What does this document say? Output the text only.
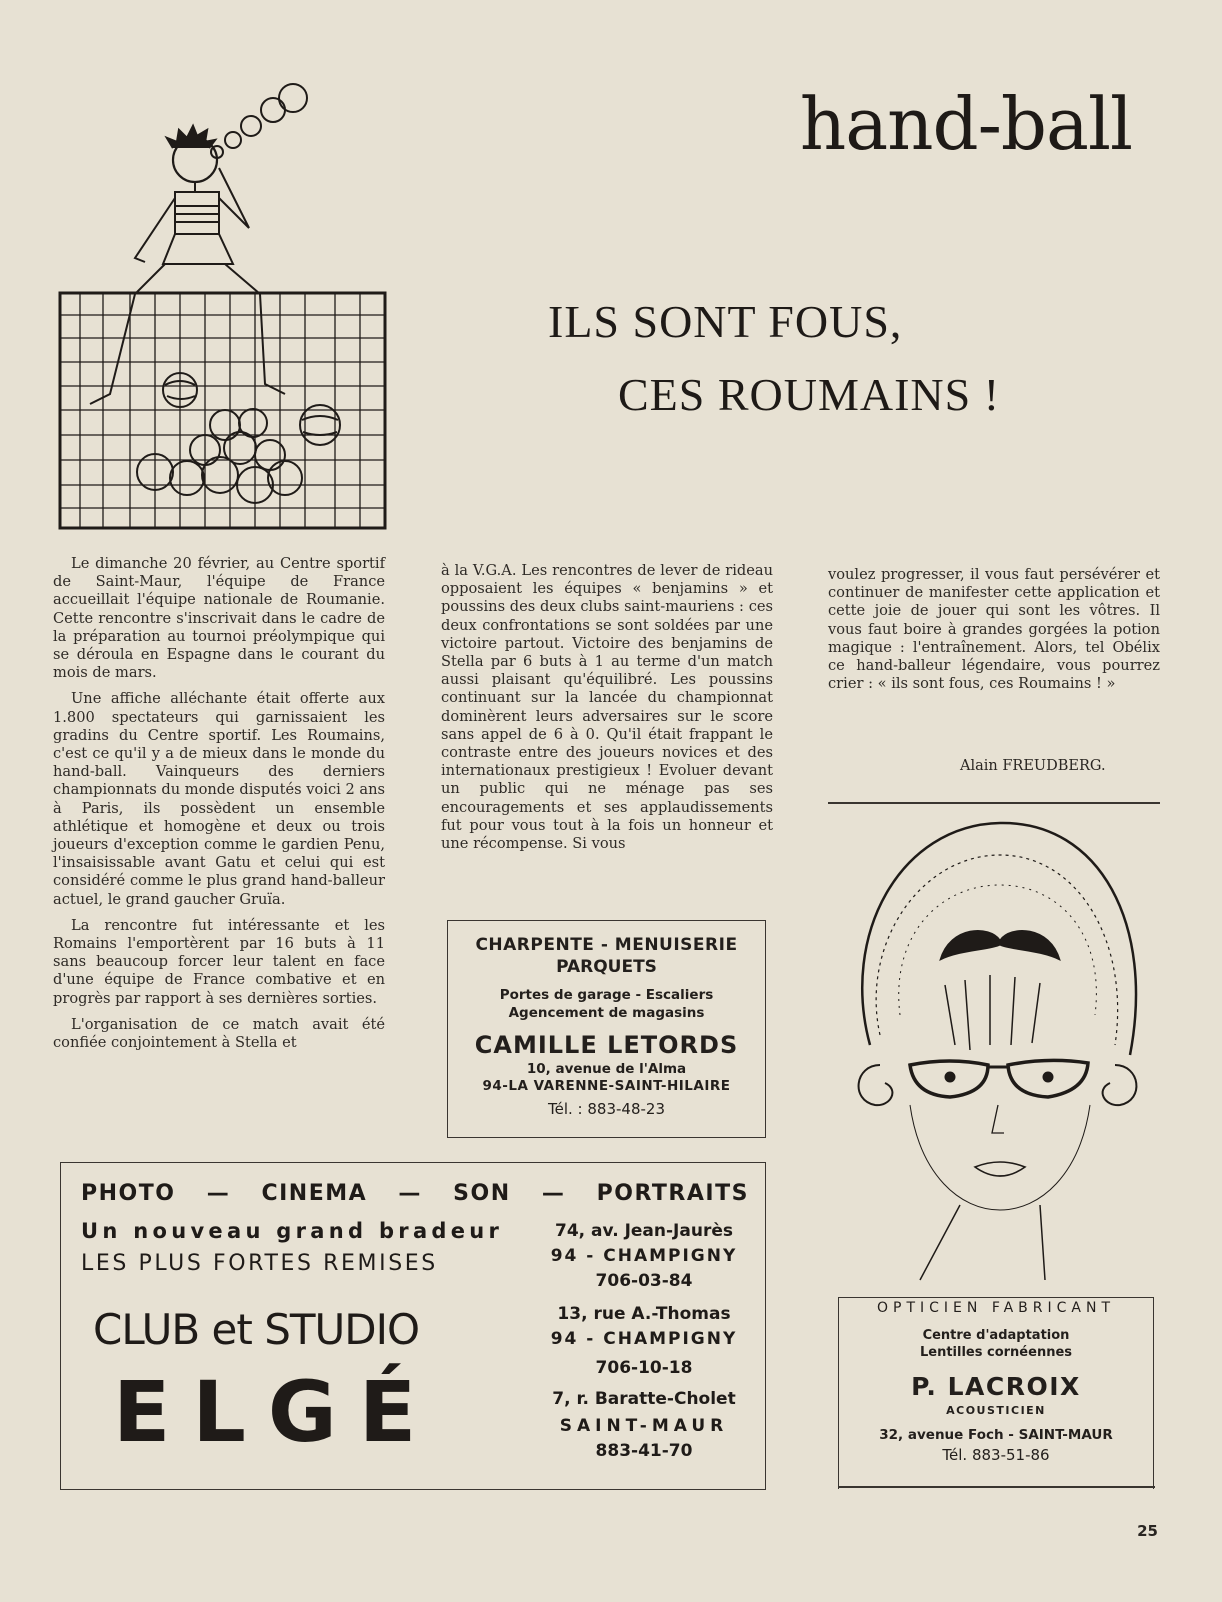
hand-ball
ILS SONT FOUS,
CES ROUMAINS !

Le dimanche 20 février, au Centre sportif de Saint-Maur, l'équipe de France accueillait l'équipe nationale de Roumanie. Cette rencontre s'inscrivait dans le cadre de la préparation au tournoi préolympique qui se déroula en Espagne dans le courant du mois de mars.

Une affiche alléchante était offerte aux 1.800 spectateurs qui garnissaient les gradins du Centre sportif. Les Roumains, c'est ce qu'il y a de mieux dans le monde du hand-ball. Vainqueurs des derniers championnats du monde disputés voici 2 ans à Paris, ils possèdent un ensemble athlétique et homogène et deux ou trois joueurs d'exception comme le gardien Penu, l'insaisissable avant Gatu et celui qui est considéré comme le plus grand hand-balleur actuel, le grand gaucher Gruïa.

La rencontre fut intéressante et les Romains l'emportèrent par 16 buts à 11 sans beaucoup forcer leur talent en face d'une équipe de France combative et en progrès par rapport à ses dernières sorties.

L'organisation de ce match avait été confiée conjointement à Stella et

à la V.G.A. Les rencontres de lever de rideau opposaient les équipes « benjamins » et poussins des deux clubs saint-mauriens : ces deux confrontations se sont soldées par une victoire partout. Victoire des benjamins de Stella par 6 buts à 1 au terme d'un match aussi plaisant qu'équilibré. Les poussins continuant sur la lancée du championnat dominèrent leurs adversaires sur le score sans appel de 6 à 0. Qu'il était frappant le contraste entre des joueurs novices et des internationaux prestigieux ! Evoluer devant un public qui ne ménage pas ses encouragements et ses applaudissements fut pour vous tout à la fois un honneur et une récompense. Si vous

voulez progresser, il vous faut persévérer et continuer de manifester cette application et cette joie de jouer qui sont les vôtres. Il vous faut boire à grandes gorgées la potion magique : l'entraînement. Alors, tel Obélix ce hand-balleur légendaire, vous pourrez crier : « ils sont fous, ces Roumains ! »

Alain FREUDBERG.
CHARPENTE - MENUISERIE
PARQUETS
Portes de garage - Escaliers
Agencement de magasins
CAMILLE LETORDS
10, avenue de l'Alma
94-LA VARENNE-SAINT-HILAIRE
Tél. : 883-48-23
PHOTO — CINEMA — SON — PORTRAITS
Un nouveau grand bradeur
LES PLUS FORTES REMISES
CLUB et STUDIO
ELGÉ
74, av. Jean-Jaurès
94 - CHAMPIGNY
706-03-84
13, rue A.-Thomas
94 - CHAMPIGNY
706-10-18
7, r. Baratte-Cholet
SAINT-MAUR
883-41-70
OPTICIEN FABRICANT
Centre d'adaptation
Lentilles cornéennes
P. LACROIX
ACOUSTICIEN
32, avenue Foch - SAINT-MAUR
Tél. 883-51-86
25
